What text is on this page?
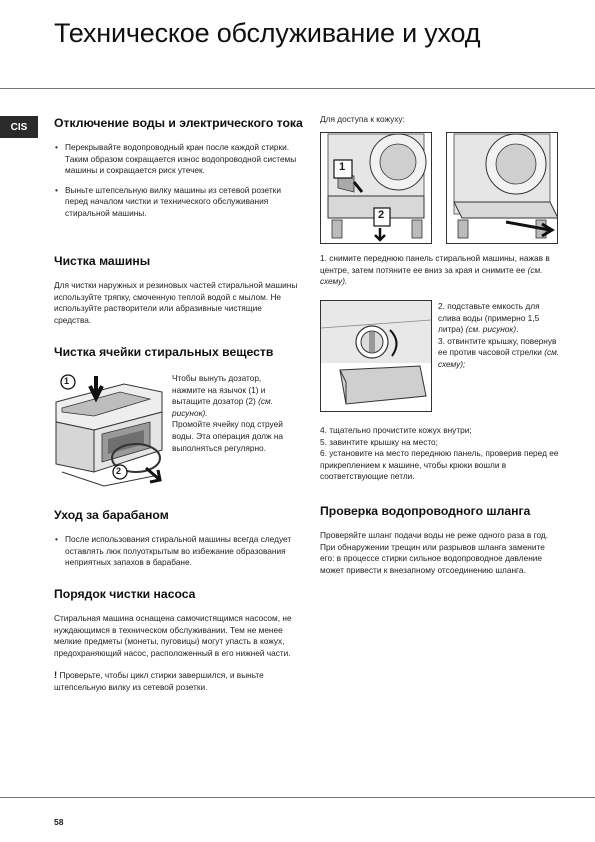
Техническое обслуживание и уход
CIS	Отключение воды и электрического тока
• Перекрывайте водопроводный кран после каждой стирки. Таким образом сокращается износ водопроводной системы машины и сокращается риск утечек.
• Выньте штепсельную вилку машины из сетевой розетки перед началом чистки и технического обслуживания стиральной машины.
Чистка машины

Для чистки наружных и резиновых частей стиральной машины используйте тряпку, смоченную теплой водой с мылом. Не используйте растворители или абразивные чистящие средства.

Чистка ячейки стиральных веществ
1
2
Чтобы вынуть дозатор, нажмите на язычок (1) и вытащите дозатор (2) (см. рисунок).
Промойте ячейку под струей воды. Эта операция долж на выполняться регулярно.
Уход за барабаном
• После использования стиральной машины всегда следует оставлять люк полуоткрытым во избежание образования неприятных запахов в барабане.
Порядок чистки насоса

Стиральная машина оснащена самочистящимся насосом, не нуждающимся в техническом обслуживании. Тем не менее мелкие предметы (монеты, пуговицы) могут упасть в кожух, предохраняющий насос, расположенный в его нижней части.

! Проверьте, чтобы цикл стирки завершился, и выньте штепсельную вилку из сетевой розетки.

Для доступа к кожуху:

1
2
1. снимите переднюю панель стиральной машины, нажав в центре, затем потяните ее вниз за края и снимите ее (см. схему).
2. подставьте емкость для слива воды (примерно 1,5 литра) (см. рисунок).
3. отвинтите крышку, повернув ее против часовой стрелки (см. схему);
4. тщательно прочистите кожух внутри;
5. завинтите крышку на место;
6. установите на место переднюю панель, проверив перед ее прикреплением к машине, чтобы крюки вошли в соответствующие петли.
Проверка водопроводного шланга

Проверяйте шланг подачи воды не реже одного раза в год. При обнаружении трещин или разрывов шланга замените его: в процессе стирки сильное водопроводное давление может привести к внезапному отсоединению шланга.

58
